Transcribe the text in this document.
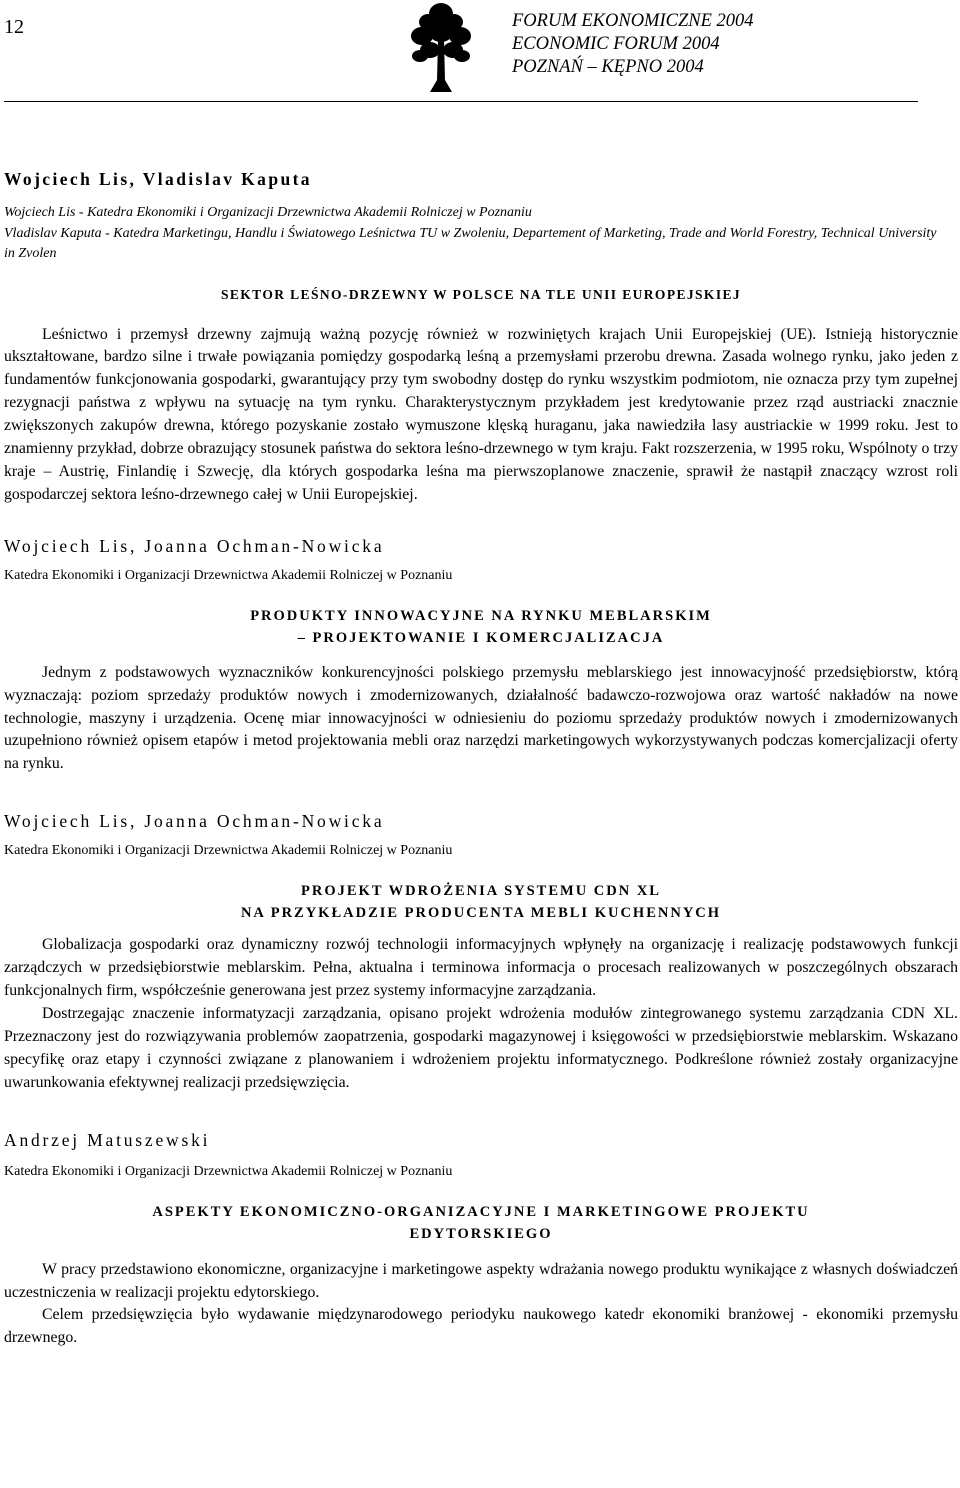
12	FORUM EKONOMICZNE 2004
ECONOMIC FORUM 2004
POZNAŃ – KĘPNO 2004

Wojciech Lis, Vladislav Kaputa

Wojciech Lis - Katedra Ekonomiki i Organizacji Drzewnictwa Akademii Rolniczej w Poznaniu
Vladislav Kaputa - Katedra Marketingu, Handlu i Światowego Leśnictwa TU w Zwoleniu, Departement of Marketing, Trade and World Forestry, Technical University in Zvolen

SEKTOR LEŚNO-DRZEWNY W POLSCE NA TLE UNII EUROPEJSKIEJ

Leśnictwo i przemysł drzewny zajmują ważną pozycję również w rozwiniętych krajach Unii Europejskiej (UE). Istnieją historycznie ukształtowane, bardzo silne i trwałe powiązania pomiędzy gospodarką leśną a przemysłami przerobu drewna. Zasada wolnego rynku, jako jeden z fundamentów funkcjonowania gospodarki, gwarantujący przy tym swobodny dostęp do rynku wszystkim podmiotom, nie oznacza przy tym zupełnej rezygnacji państwa z wpływu na sytuację na tym rynku. Charakterystycznym przykładem jest kredytowanie przez rząd austriacki znacznie zwiększonych zakupów drewna, którego pozyskanie zostało wymuszone klęską huraganu, jaka nawiedziła lasy austriackie w 1999 roku. Jest to znamienny przykład, dobrze obrazujący stosunek państwa do sektora leśno-drzewnego w tym kraju. Fakt rozszerzenia, w 1995 roku, Wspólnoty o trzy kraje – Austrię, Finlandię i Szwecję, dla których gospodarka leśna ma pierwszoplanowe znaczenie, sprawił że nastąpił znaczący wzrost roli gospodarczej sektora leśno-drzewnego całej w Unii Europejskiej.

Wojciech Lis, Joanna Ochman-Nowicka

Katedra Ekonomiki i Organizacji Drzewnictwa Akademii Rolniczej w Poznaniu

PRODUKTY INNOWACYJNE NA RYNKU MEBLARSKIM

– PROJEKTOWANIE I KOMERCJALIZACJA

Jednym z podstawowych wyznaczników konkurencyjności polskiego przemysłu meblarskiego jest innowacyjność przedsiębiorstw, którą wyznaczają: poziom sprzedaży produktów nowych i zmodernizowanych, działalność badawczo-rozwojowa oraz wartość nakładów na nowe technologie, maszyny i urządzenia. Ocenę miar innowacyjności w odniesieniu do poziomu sprzedaży produktów nowych i zmodernizowanych uzupełniono również opisem etapów i metod projektowania mebli oraz narzędzi marketingowych wykorzystywanych podczas komercjalizacji oferty na rynku.

Wojciech Lis, Joanna Ochman-Nowicka

Katedra Ekonomiki i Organizacji Drzewnictwa Akademii Rolniczej w Poznaniu

PROJEKT WDROŻENIA SYSTEMU CDN XL

NA PRZYKŁADZIE PRODUCENTA MEBLI KUCHENNYCH

Globalizacja gospodarki oraz dynamiczny rozwój technologii informacyjnych wpłynęły na organizację i realizację podstawowych funkcji zarządczych w przedsiębiorstwie meblarskim. Pełna, aktualna i terminowa informacja o procesach realizowanych w poszczególnych obszarach funkcjonalnych firm, współcześnie generowana jest przez systemy informacyjne zarządzania.

Dostrzegając znaczenie informatyzacji zarządzania, opisano projekt wdrożenia modułów zintegrowanego systemu zarządzania CDN XL. Przeznaczony jest do rozwiązywania problemów zaopatrzenia, gospodarki magazynowej i księgowości w przedsiębiorstwie meblarskim. Wskazano specyfikę oraz etapy i czynności związane z planowaniem i wdrożeniem projektu informatycznego. Podkreślone również zostały organizacyjne uwarunkowania efektywnej realizacji przedsięwzięcia.

Andrzej Matuszewski

Katedra Ekonomiki i Organizacji Drzewnictwa Akademii Rolniczej w Poznaniu

ASPEKTY EKONOMICZNO-ORGANIZACYJNE I MARKETINGOWE PROJEKTU

EDYTORSKIEGO

W pracy przedstawiono ekonomiczne, organizacyjne i marketingowe aspekty wdrażania nowego produktu wynikające z własnych doświadczeń uczestniczenia w realizacji projektu edytorskiego.

Celem przedsięwzięcia było wydawanie międzynarodowego periodyku naukowego katedr ekonomiki branżowej - ekonomiki przemysłu drzewnego.
